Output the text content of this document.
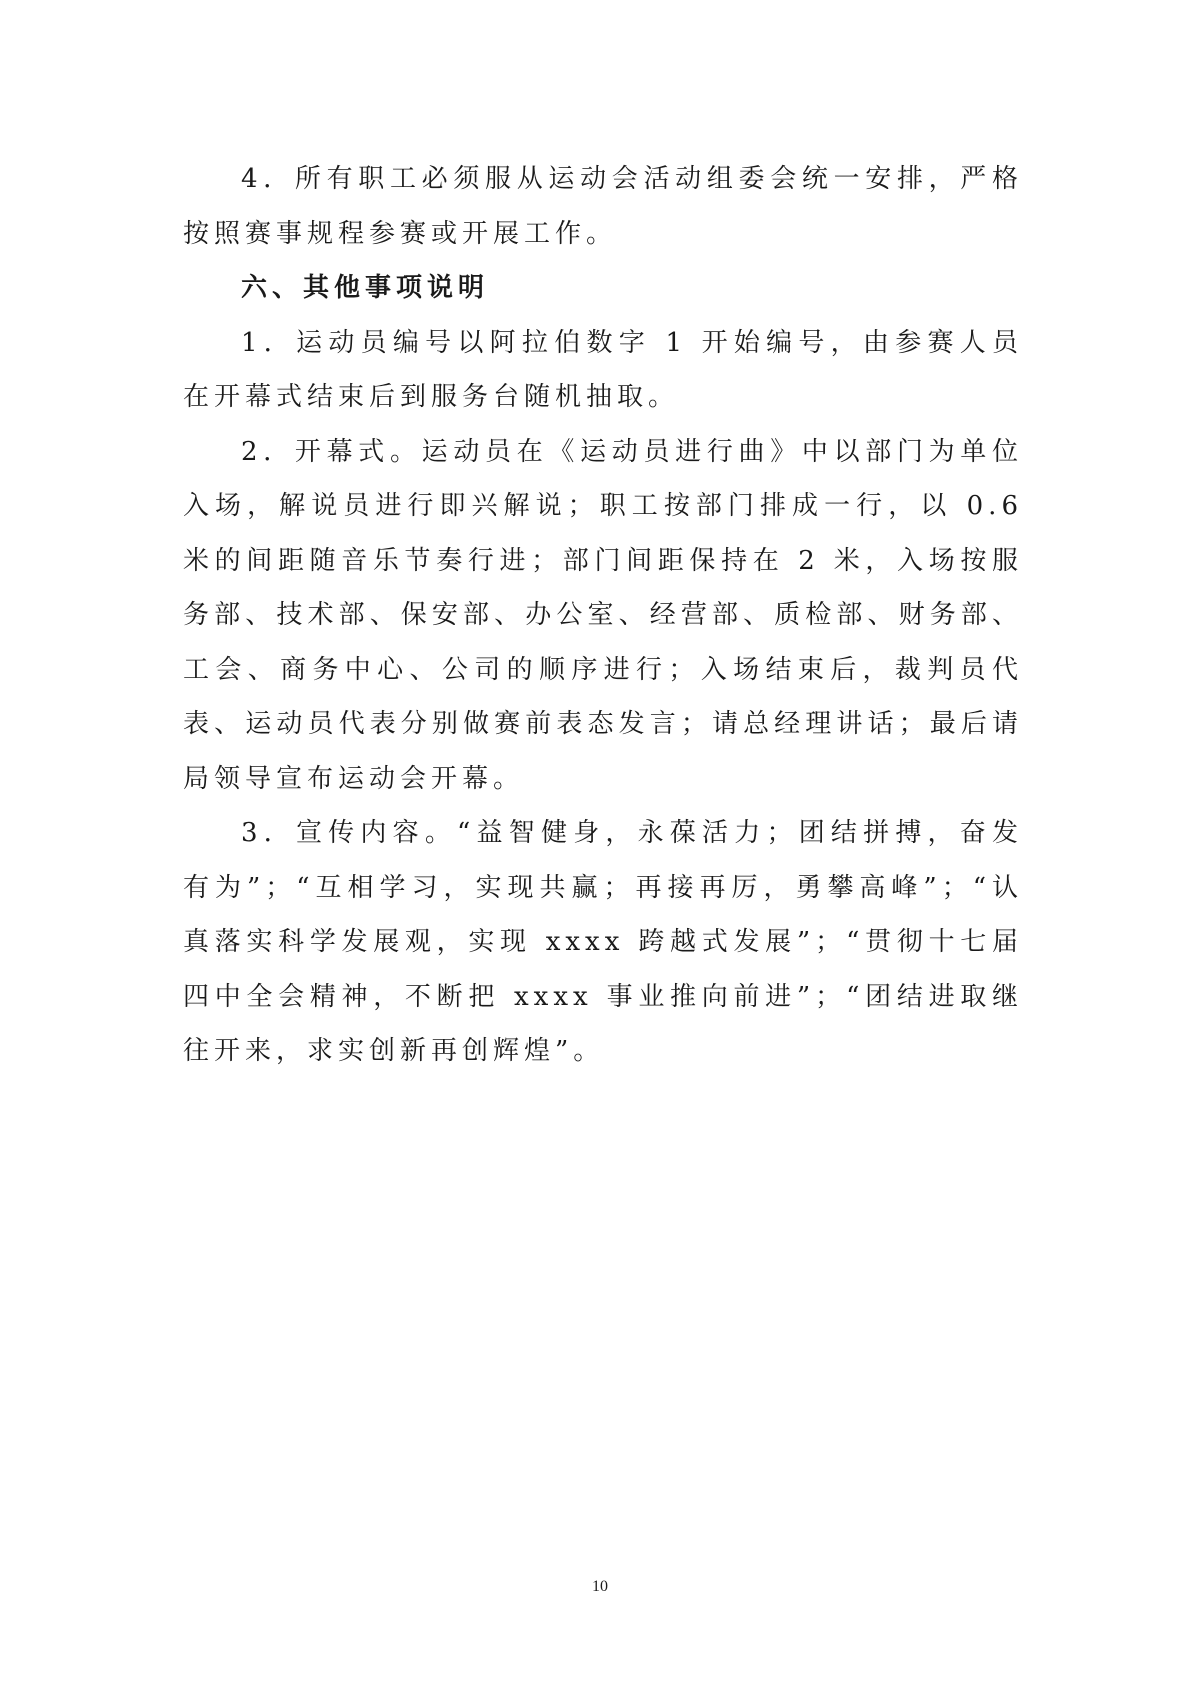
4．所有职工必须服从运动会活动组委会统一安排，严格按照赛事规程参赛或开展工作。

六、其他事项说明

1．运动员编号以阿拉伯数字 1 开始编号，由参赛人员在开幕式结束后到服务台随机抽取。

2．开幕式。运动员在《运动员进行曲》中以部门为单位入场，解说员进行即兴解说；职工按部门排成一行，以 0.6 米的间距随音乐节奏行进；部门间距保持在 2 米，入场按服务部、技术部、保安部、办公室、经营部、质检部、财务部、工会、商务中心、公司的顺序进行；入场结束后，裁判员代表、运动员代表分别做赛前表态发言；请总经理讲话；最后请局领导宣布运动会开幕。

3．宣传内容。“益智健身，永葆活力；团结拼搏，奋发有为”；“互相学习，实现共赢；再接再厉，勇攀高峰”；“认真落实科学发展观，实现 xxxx 跨越式发展”；“贯彻十七届四中全会精神，不断把 xxxx 事业推向前进”；“团结进取继往开来，求实创新再创辉煌”。

10
